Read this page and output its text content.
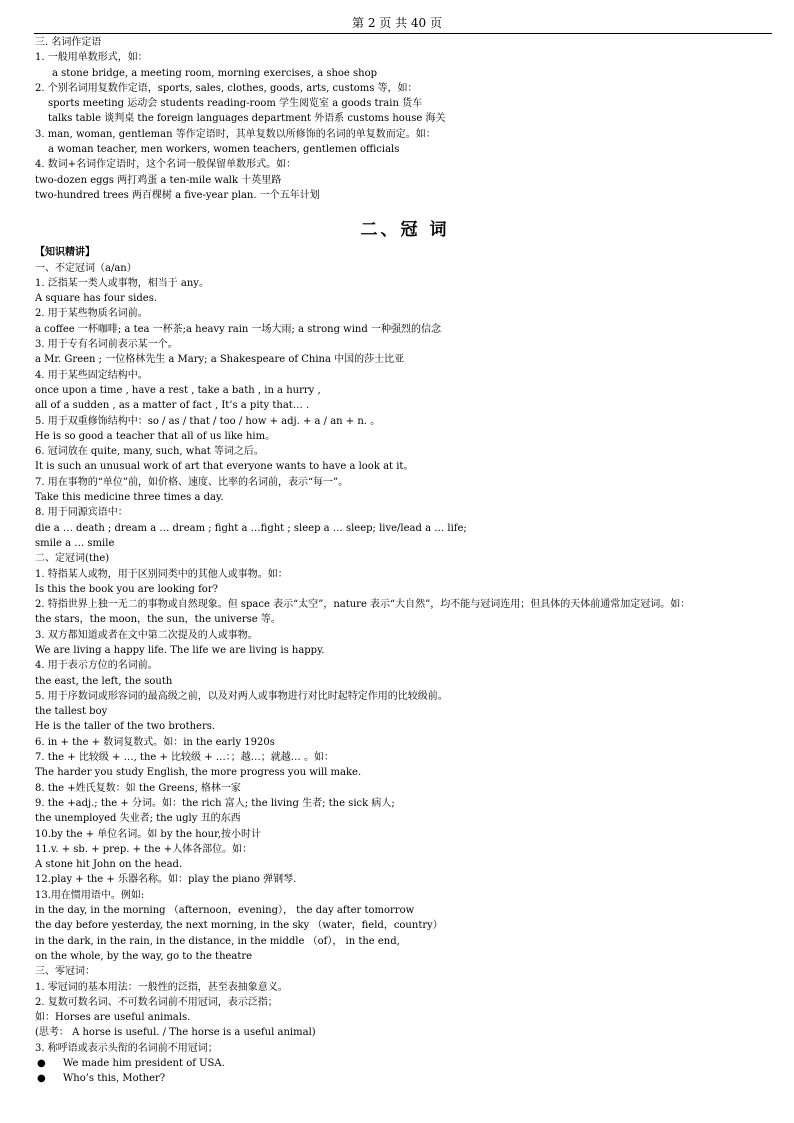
第 2 页 共 40 页
三. 名词作定语
1. 一般用单数形式，如：
a stone bridge, a meeting room, morning exercises, a shoe shop
2. 个别名词用复数作定语，sports, sales, clothes, goods, arts, customs 等，如：
sports meeting 运动会 students reading-room 学生阅览室 a goods train 货车
talks table 谈判桌 the foreign languages department 外语系 customs house 海关
3. man, woman, gentleman 等作定语时，其单复数以所修饰的名词的单复数而定。如：
a woman teacher, men workers, women teachers, gentlemen officials
4. 数词+名词作定语时，这个名词一般保留单数形式。如：
two-dozen eggs 两打鸡蛋 a ten-mile walk 十英里路
two-hundred trees 两百棵树 a five-year plan. 一个五年计划
二、冠 词
【知识精讲】
一、不定冠词（a/an）
1. 泛指某一类人或事物，相当于 any。
A square has four sides.
2. 用于某些物质名词前。
a coffee 一杯咖啡; a tea 一杯茶;a heavy rain 一场大雨; a strong wind 一种强烈的信念
3. 用于专有名词前表示某一个。
a Mr. Green ; 一位格林先生 a Mary; a Shakespeare of China 中国的莎士比亚
4. 用于某些固定结构中。
once upon a time , have a rest , take a bath , in a hurry ,
all of a sudden , as a matter of fact , It’s a pity that… .
5. 用于双重修饰结构中：so / as / that / too / how + adj. + a / an + n. 。
He is so good a teacher that all of us like him。
6. 冠词放在 quite, many, such, what 等词之后。
It is such an unusual work of art that everyone wants to have a look at it。
7. 用在事物的“单位”前，如价格、速度、比率的名词前，表示“每一”。
Take this medicine three times a day.
8. 用于同源宾语中：
die a … death ; dream a … dream ; fight a …fight ; sleep a … sleep; live/lead a … life;
smile a … smile
二、定冠词(the)
1. 特指某人或物，用于区别同类中的其他人或事物。如：
Is this the book you are looking for?
2. 特指世界上独一无二的事物或自然现象。但 space 表示“太空”，nature 表示“大自然”，均不能与冠词连用；但具体的天体前通常加定冠词。如：
the stars，the moon，the sun，the universe 等。
3. 双方都知道或者在文中第二次提及的人或事物。
We are living a happy life. The life we are living is happy.
4. 用于表示方位的名词前。
the east, the left, the south
5. 用于序数词或形容词的最高级之前，以及对两人或事物进行对比时起特定作用的比较级前。
the tallest boy
He is the taller of the two brothers.
6. in + the + 数词复数式。如：in the early 1920s
7. the + 比较级 + …, the + 比较级 + …：；越…；就越… 。如：
The harder you study English, the more progress you will make.
8. the +姓氏复数：如 the Greens, 格林一家
9. the +adj.; the + 分词。如：the rich 富人; the living 生者; the sick 病人;
the unemployed 失业者; the ugly 丑的东西
10.by the + 单位名词。如 by the hour,按小时计
11.v. + sb. + prep. + the +人体各部位。如：
A stone hit John on the head.
12.play + the + 乐器名称。如：play the piano 弹钢琴.
13.用在惯用语中。例如:
in the day, in the morning （afternoon，evening）， the day after tomorrow
the day before yesterday, the next morning, in the sky （water，field，country）
in the dark, in the rain, in the distance, in the middle （of）， in the end,
on the whole, by the way, go to the theatre
三、零冠词：
1. 零冠词的基本用法：一般性的泛指，甚至表抽象意义。
2. 复数可数名词、不可数名词前不用冠词，表示泛指；
如：Horses are useful animals.
(思考： A horse is useful. / The horse is a useful animal)
3. 称呼语或表示头衔的名词前不用冠词；
● We made him president of USA.
● Who’s this, Mother?
